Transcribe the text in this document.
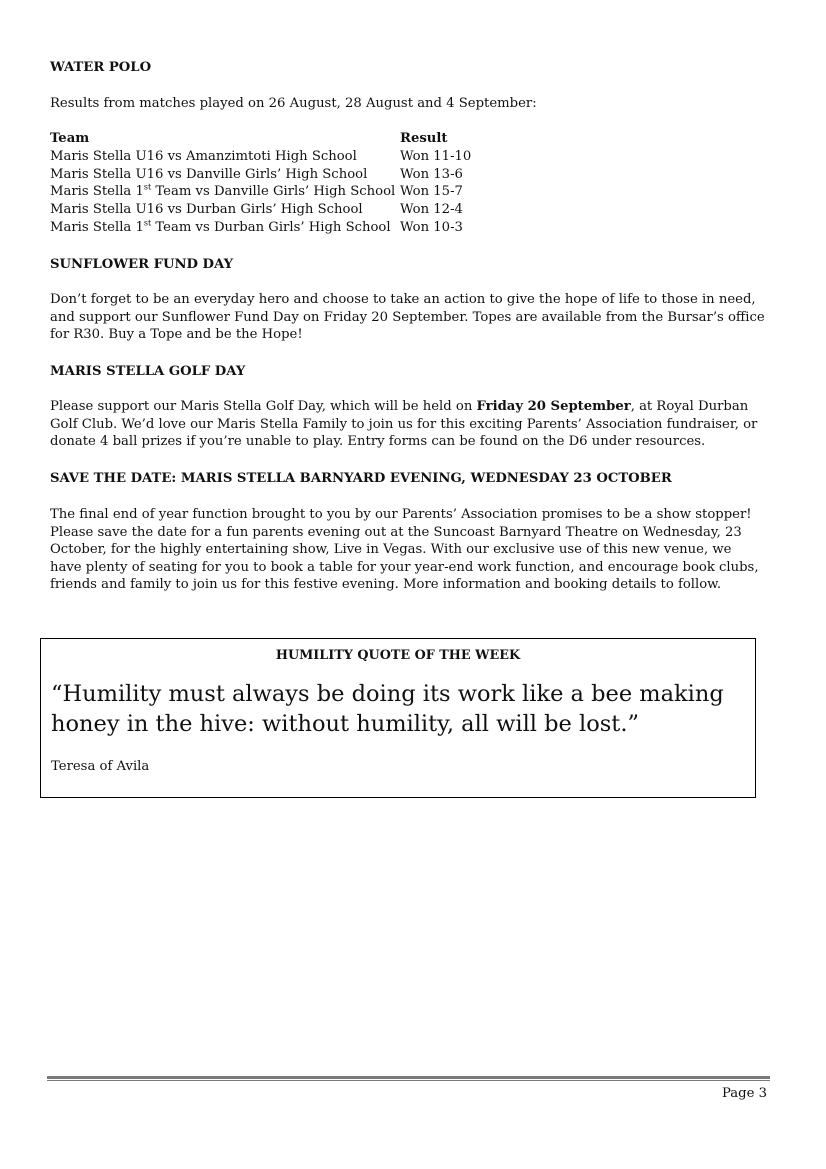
WATER POLO

Results from matches played on 26 August, 28 August and 4 September:

Team	Result
Maris Stella U16 vs Amanzimtoti High School	Won 11-10
Maris Stella U16 vs Danville Girls’ High School	Won 13-6
Maris Stella 1st Team vs Danville Girls’ High School	Won 15-7
Maris Stella U16 vs Durban Girls’ High School	Won 12-4
Maris Stella 1st Team vs Durban Girls’ High School	Won 10-3
SUNFLOWER FUND DAY

Don’t forget to be an everyday hero and choose to take an action to give the hope of life to those in need, and support our Sunflower Fund Day on Friday 20 September. Topes are available from the Bursar’s office for R30. Buy a Tope and be the Hope!

MARIS STELLA GOLF DAY

Please support our Maris Stella Golf Day, which will be held on Friday 20 September, at Royal Durban Golf Club. We’d love our Maris Stella Family to join us for this exciting Parents’ Association fundraiser, or donate 4 ball prizes if you’re unable to play. Entry forms can be found on the D6 under resources.

SAVE THE DATE: MARIS STELLA BARNYARD EVENING, WEDNESDAY 23 OCTOBER

The final end of year function brought to you by our Parents’ Association promises to be a show stopper! Please save the date for a fun parents evening out at the Suncoast Barnyard Theatre on Wednesday, 23 October, for the highly entertaining show, Live in Vegas. With our exclusive use of this new venue, we have plenty of seating for you to book a table for your year-end work function, and encourage book clubs, friends and family to join us for this festive evening. More information and booking details to follow.

HUMILITY QUOTE OF THE WEEK

“Humility must always be doing its work like a bee making honey in the hive: without humility, all will be lost.”

Teresa of Avila

Page 3
